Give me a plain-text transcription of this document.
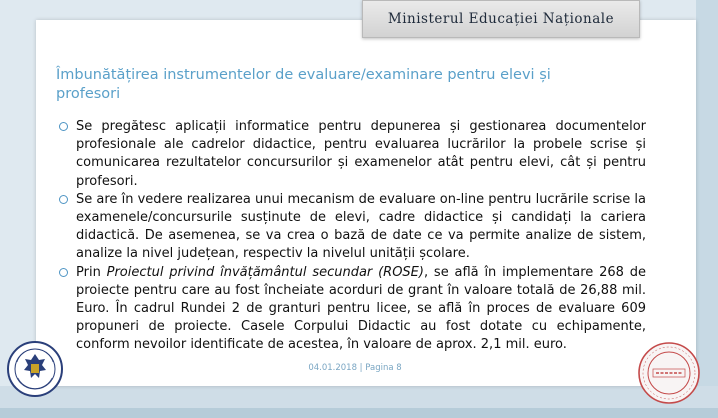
Ministerul Educației Naționale
Îmbunătățirea instrumentelor de evaluare/examinare pentru elevi și profesori
Se pregătesc aplicații informatice pentru depunerea și gestionarea documentelor profesionale ale cadrelor didactice, pentru evaluarea lucrărilor la probele scrise și comunicarea rezultatelor concursurilor și examenelor atât pentru elevi, cât și pentru profesori.
Se are în vedere realizarea unui mecanism de evaluare on-line pentru lucrările scrise la examenele/concursurile susținute de elevi, cadre didactice și candidați la cariera didactică. De asemenea, se va crea o bază de date ce va permite analize de sistem, analize la nivel județean, respectiv la nivelul unității școlare.
Prin Proiectul privind învățământul secundar (ROSE), se află în implementare 268 de proiecte pentru care au fost încheiate acorduri de grant în valoare totală de 26,88 mil. Euro. În cadrul Rundei 2 de granturi pentru licee, se află în proces de evaluare 609 propuneri de proiecte. Casele Corpului Didactic au fost dotate cu echipamente, conform nevoilor identificate de acestea, în valoare de aprox. 2,1 mil. euro.
04.01.2018 | Pagina 8
